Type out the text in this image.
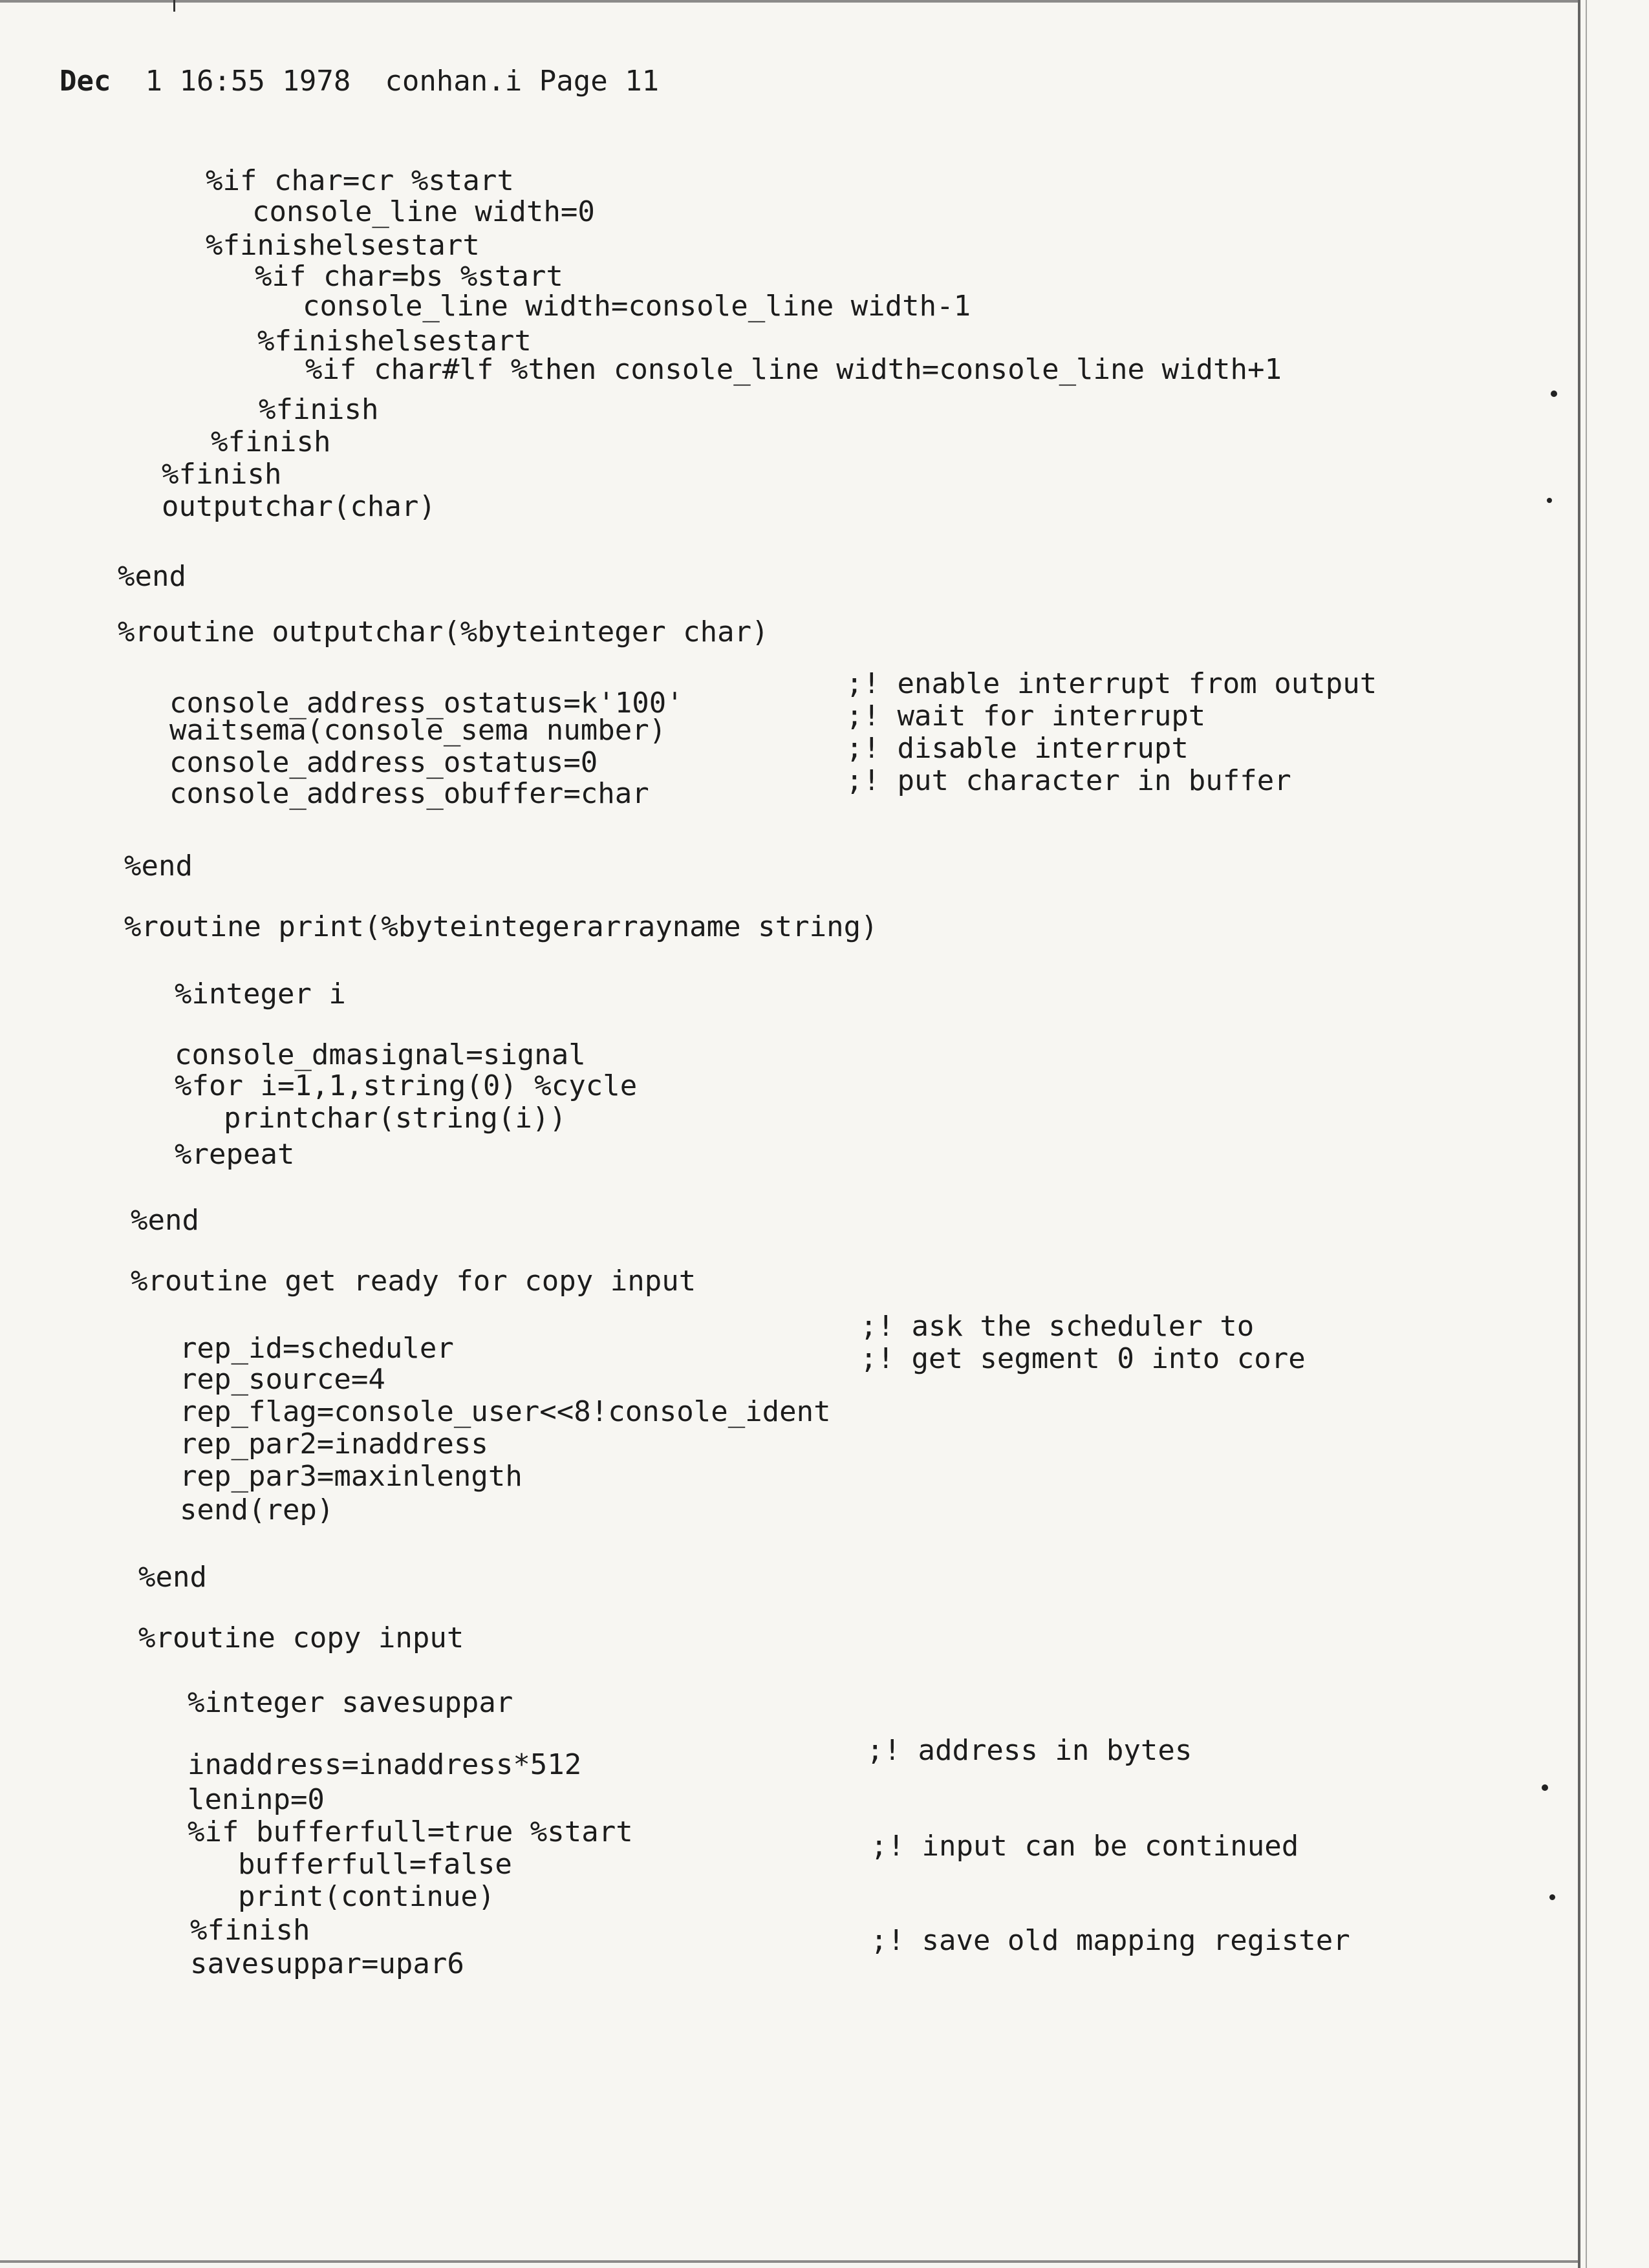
Dec 1 16:55 1978  conhan.i Page 11
%if char=cr %start
console_line width=0
%finishelsestart
%if char=bs %start
console_line width=console_line width-1
%finishelsestart
%if char#lf %then console_line width=console_line width+1
%finish
%finish
%finish
outputchar(char)
%end
%routine outputchar(%byteinteger char)
console_address_ostatus=k'100'
waitsema(console_sema number)
console_address_ostatus=0
console_address_obuffer=char
;! enable interrupt from output
;! wait for interrupt
;! disable interrupt
;! put character in buffer
%end
%routine print(%byteintegerarrayname string)
%integer i
console_dmasignal=signal
%for i=1,1,string(0) %cycle
printchar(string(i))
%repeat
%end
%routine get ready for copy input
rep_id=scheduler
rep_source=4
rep_flag=console_user<<8!console_ident
rep_par2=inaddress
rep_par3=maxinlength
send(rep)
;! ask the scheduler to
;! get segment 0 into core
%end
%routine copy input
%integer savesuppar
inaddress=inaddress*512
leninp=0
%if bufferfull=true %start
bufferfull=false
print(continue)
%finish
savesuppar=upar6
;! address in bytes
;! input can be continued
;! save old mapping register
